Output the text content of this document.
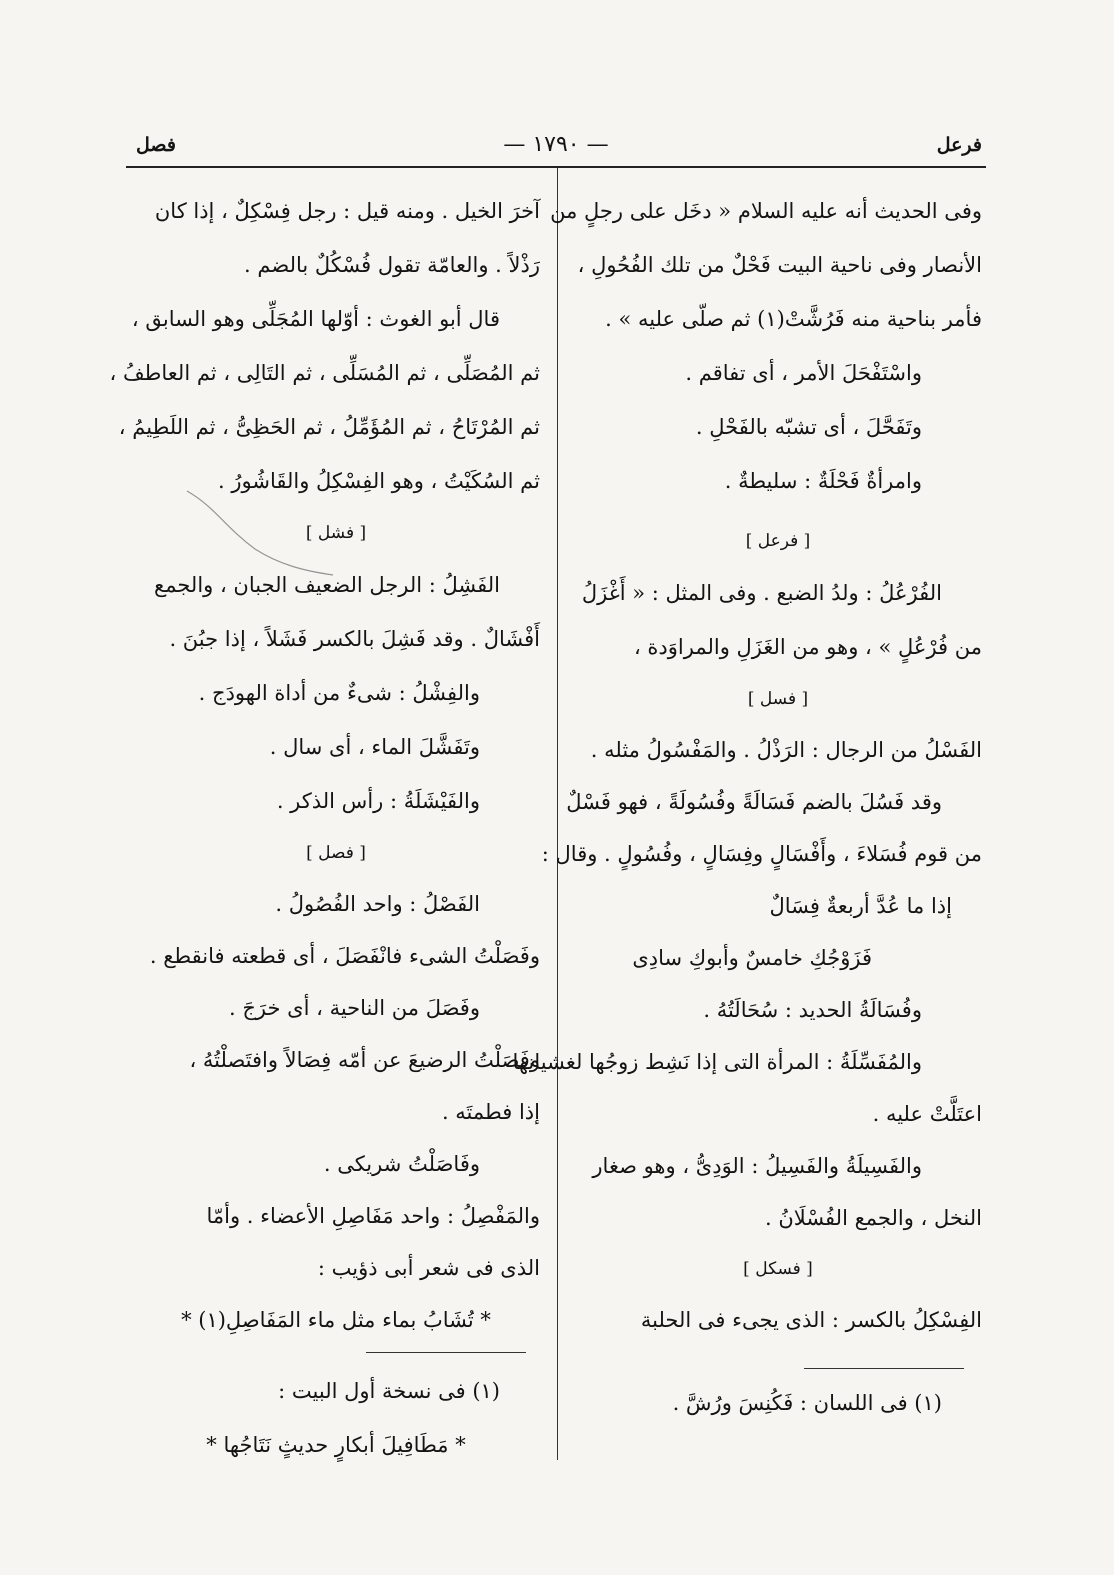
فرعل
— ١٧٩٠ —
فصل
وفى الحديث أنه عليه السلام « دخَل على رجلٍ من
الأنصار وفى ناحية البيت فَحْلٌ من تلك الفُحُولِ ،
فأمر بناحية منه فَرُشَّتْ(١) ثم صلّى عليه » .
واسْتَفْحَلَ الأمر ، أى تفاقم .
وتَفَحَّلَ ، أى تشبّه بالفَحْلِ .
وامرأةٌ فَحْلَةٌ : سليطةٌ .
[ فرعل ]
الفُرْعُلُ : ولدُ الضبع . وفى المثل : « أَغْزَلُ
من فُرْعُلٍ » ، وهو من الغَزَلِ والمراوَدة ،
[ فسل ]
الفَسْلُ من الرجال : الرَذْلُ . والمَفْسُولُ مثله .
وقد فَسُلَ بالضم فَسَالَةً وفُسُولَةً ، فهو فَسْلٌ
من قوم فُسَلاءَ ، وأَفْسَالٍ وفِسَالٍ ، وفُسُولٍ . وقال :
إذا ما عُدَّ أربعةٌ فِسَالٌ
فَزَوْجُكِ خامسٌ وأبوكِ سادِى
وفُسَالَةُ الحديد : سُحَالَتُهُ .
والمُفَسِّلَةُ : المرأة التى إذا نَشِط زوجُها لغشيانها
اعتَلَّتْ عليه .
والفَسِيلَةُ والفَسِيلُ : الوَدِىُّ ، وهو صغار
النخل ، والجمع الفُسْلَانُ .
[ فسكل ]
الفِسْكِلُ بالكسر : الذى يجىء فى الحلبة
(١) فى اللسان : فَكُنِسَ ورُشَّ .
آخرَ الخيل . ومنه قيل : رجل فِسْكِلٌ ، إذا كان
رَذْلاً . والعامّة تقول فُسْكُلٌ بالضم .
قال أبو الغوث : أوّلها المُجَلِّى وهو السابق ،
ثم المُصَلِّى ، ثم المُسَلِّى ، ثم التَالِى ، ثم العاطفُ ،
ثم المُرْتَاحُ ، ثم المُؤَمِّلُ ، ثم الحَظِىُّ ، ثم اللَطِيمُ ،
ثم السُكَيْتُ ، وهو الفِسْكِلُ والقَاشُورُ .
[ فشل ]
الفَشِلُ : الرجل الضعيف الجبان ، والجمع
أَفْشَالٌ . وقد فَشِلَ بالكسر فَشَلاً ، إذا جبُنَ .
والفِشْلُ : شىءٌ من أداة الهودَج .
وتَفَشَّلَ الماء ، أى سال .
والفَيْشَلَةُ : رأس الذكر .
[ فصل ]
الفَصْلُ : واحد الفُصُولُ .
وفَصَلْتُ الشىء فانْفَصَلَ ، أى قطعته فانقطع .
وفَصَلَ من الناحية ، أى خرَجَ .
وفَصَلْتُ الرضيعَ عن أمّه فِصَالاً وافتَصلْتُهُ ،
إذا فطمتَه .
وفَاصَلْتُ شريكى .
والمَفْصِلُ : واحد مَفَاصِلِ الأعضاء . وأمّا
الذى فى شعر أبى ذؤيب :
* تُشَابُ بماء مثل ماء المَفَاصِلِ(١) *
(١) فى نسخة أول البيت :
* مَطَافِيلَ أبكارٍ حديثٍ نَتَاجُها *
